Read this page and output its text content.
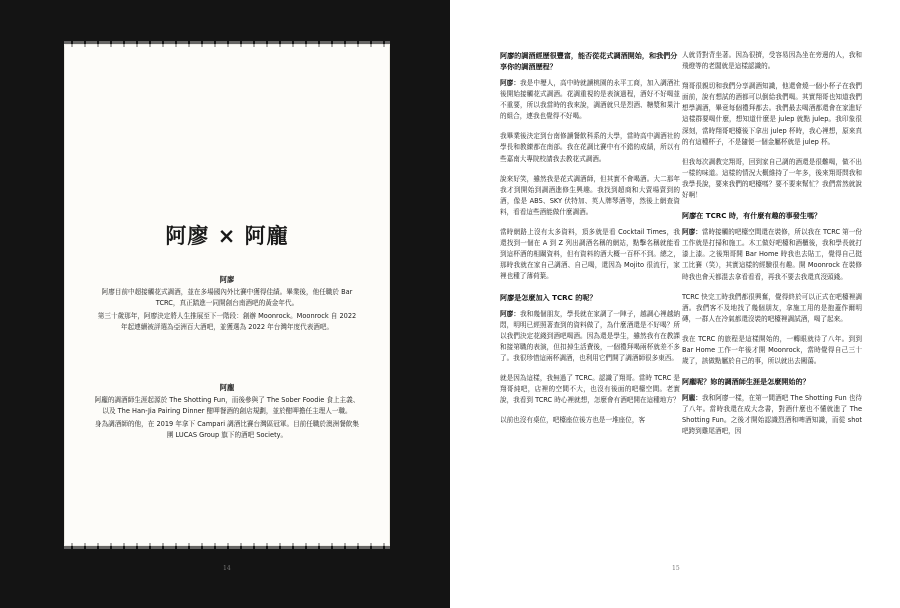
阿廖 × 阿龐
阿廖

阿廖目前中超接觸花式調酒，並在多場國內外比賽中獲得佳績。畢業後，他任職於 Bar TCRC，真正踏進一同開創台南酒吧的黃金年代。

第三十歲那年，阿廖決定將人生推展至下一階段：創辦 Moonrock。Moonrock 自 2022 年起連續被評選為亞洲百大酒吧，並獲選為 2022 年台灣年度代表酒吧。

阿龐

阿龐的調酒師生涯起源於 The Shotting Fun，而後參與了 The Sober Foodie 食上主義、以及 The Han-Jia Pairing Dinner 酣呷餐酒的創店規劃，並於酣呷擔任主理人一職。

身為調酒師的他，在 2019 年拿下 Campari 調酒比賽台灣區冠軍。目前任職於澳洲餐飲集團 LUCAS Group 旗下的酒吧 Society。

14
阿廖的調酒經歷很豐富，能否從花式調酒開始，和我們分享你的調酒歷程？

阿廖：我是中壢人，高中時就讀桃園的永平工商，加入調酒社後開始接觸花式調酒。花調重視的是表演過程，酒好不好喝並不重要，所以我當時的我來說，調酒就只是烈酒、糖漿和果汁的組合，連我也覺得不好喝。

我畢業後決定到台南修讀餐飲科系的大學，當時高中調酒社的學長和教練都在南部。我在花調比賽中有不錯的成績，所以有些嘉南大專院校請我去教花式調酒。

說來好笑，雖然我是花式調酒師，但其實不會喝酒。大二那年我才到開始到調酒進修生興趣。我找到超商和大賣場賣到的酒，像是 ABS、SKY 伏特加、英人牌琴酒等，然後上網查資料，看看這些酒能做什麼調酒。

當時網路上沒有太多資料，頂多就是看 Cocktail Times，我還找到一個在 A 到 Z 列出調酒名稱的網站，點擊名稱就能看到這杯酒的相關資料，但有資料的酒大概一百杯不到。總之，那時我就在家自己調酒、自己喝，還因為 Mojito 很流行，家裡也種了薄荷葉。

阿廖是怎麼加入 TCRC 的呢？

阿廖：我和幾個朋友，學長就在家調了一陣子，越調心裡越納悶，明明已經照著查到的資料做了，為什麼酒還是不好喝？所以我們決定花錢到酒吧喝酒。因為還是學生，雖然我有在教課和接第職的表演，但扣掉生活費後，一個禮拜喝兩杯就差不多了。我很珍惜這兩杯調酒，也利用它們開了調酒師很多東西。

就是因為這樣，我無過了 TCRC。認識了翔哥。當時 TCRC 是翔哥純吧，店裡的空間不大，也沒有後面的吧檯空間。老實說，我看到 TCRC 時心裡就想，怎麼會有酒吧開在這種地方？

以前也沒有桌位，吧檯座位後方也是一堆座位，客

人就背對背坐著。因為很擠，受容易因為坐在旁邊的人，我和飛燈等的老闆就是這樣認識的。

翔哥很親切和我們分享調酒知識，他還會燒一個小杯子在我們面前，說有想試的酒都可以倒給我們喝。其實翔哥也知道我們想學調酒，畢竟每個禮拜都去。我們最去喝酒都還會在家進好這樣群要喝什麼，想知道什麼是 julep 就點 julep。我印象很深刻，當時翔哥吧檯後下拿出 julep 杯時，我心裡想，原來真的有這種杯子，不是隨便一個金屬杯就是 julep 杯。

但我每次調教完翔哥，回到家自己調的酒還是很難喝，做不出一樣的味道。這樣的情況大概維持了一年多，後來翔哥問我和我學長說，要來我們的吧檯嗎？要不要來幫忙？我們當然就說好啊！

阿廖在 TCRC 時，有什麼有趣的事發生嗎？

阿廖：當時接觸的吧檯空間還在裝修，所以我在 TCRC 第一份工作就是打掃和施工。木工做好吧檯和酒櫃後，我和學長就打漆上漆。之後翔哥開 Bar Home 時我也去貼工，覺得自己挺工比賽（笑），其實這樣的經驗很有趣。開 Moonrock 在裝修時我也會天都混去拿看看看，再我不要去我還真沒頭錢。

TCRC 快完工時我們都很興奮，覺得終於可以正式在吧檯裡調酒。我們客不及地找了幾個朋友，拿施工用的是抱蓋作爾明磚，一群人在冷氣都還沒裝的吧檯裡調試酒，喝了起來。

我在 TCRC 的旅程是這樣開始的，一轉眼就待了八年。到到 Bar Home 工作一年後才開 Moonrock，當時覺得自己三十歲了，該做點屬於自己的事，所以就出去闖蕩。

阿龐呢？妳的調酒師生涯是怎麼開始的？

阿龐：我和阿廖一樣，在第一間酒吧 The Shotting Fun 也待了八年。當時我還在成大念書，對酒什麼也不懂就進了 The Shotting Fun。之後才開始認識烈酒和啤酒知識，而從 shot 吧跨到雞尾酒吧，因

15
